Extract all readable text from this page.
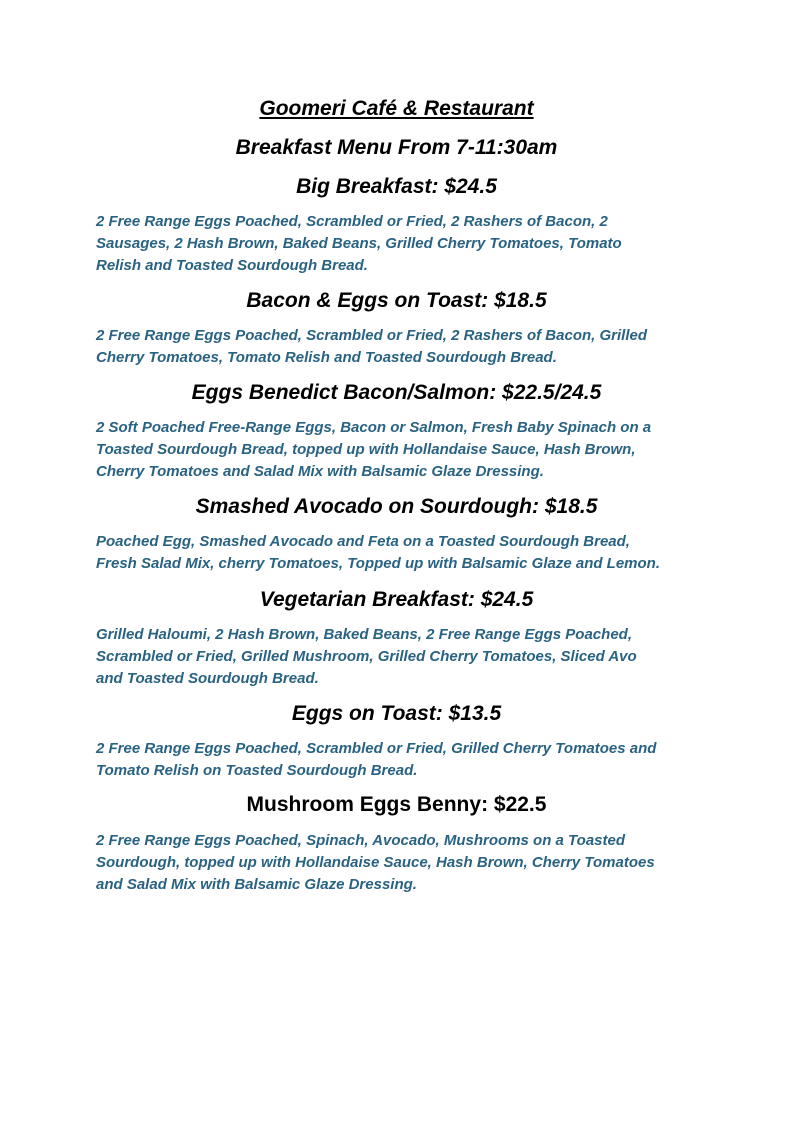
Goomeri Café & Restaurant
Breakfast Menu From 7-11:30am
Big Breakfast: $24.5
2 Free Range Eggs Poached, Scrambled or Fried, 2 Rashers of Bacon, 2
Sausages, 2 Hash Brown, Baked Beans, Grilled Cherry Tomatoes, Tomato
Relish and Toasted Sourdough Bread.
Bacon & Eggs on Toast: $18.5
2 Free Range Eggs Poached, Scrambled or Fried, 2 Rashers of Bacon, Grilled
Cherry Tomatoes, Tomato Relish and Toasted Sourdough Bread.
Eggs Benedict Bacon/Salmon: $22.5/24.5
2 Soft Poached Free-Range Eggs, Bacon or Salmon, Fresh Baby Spinach on a
Toasted Sourdough Bread, topped up with Hollandaise Sauce, Hash Brown,
Cherry Tomatoes and Salad Mix with Balsamic Glaze Dressing.
Smashed Avocado on Sourdough: $18.5
Poached Egg, Smashed Avocado and Feta on a Toasted Sourdough Bread,
Fresh Salad Mix, cherry Tomatoes, Topped up with Balsamic Glaze and Lemon.
Vegetarian Breakfast: $24.5
Grilled Haloumi, 2 Hash Brown, Baked Beans, 2 Free Range Eggs Poached,
Scrambled or Fried, Grilled Mushroom, Grilled Cherry Tomatoes, Sliced Avo
and Toasted Sourdough Bread.
Eggs on Toast: $13.5
2 Free Range Eggs Poached, Scrambled or Fried, Grilled Cherry Tomatoes and
Tomato Relish on Toasted Sourdough Bread.
Mushroom Eggs Benny: $22.5
2 Free Range Eggs Poached, Spinach, Avocado, Mushrooms on a Toasted
Sourdough, topped up with Hollandaise Sauce, Hash Brown, Cherry Tomatoes
and Salad Mix with Balsamic Glaze Dressing.
